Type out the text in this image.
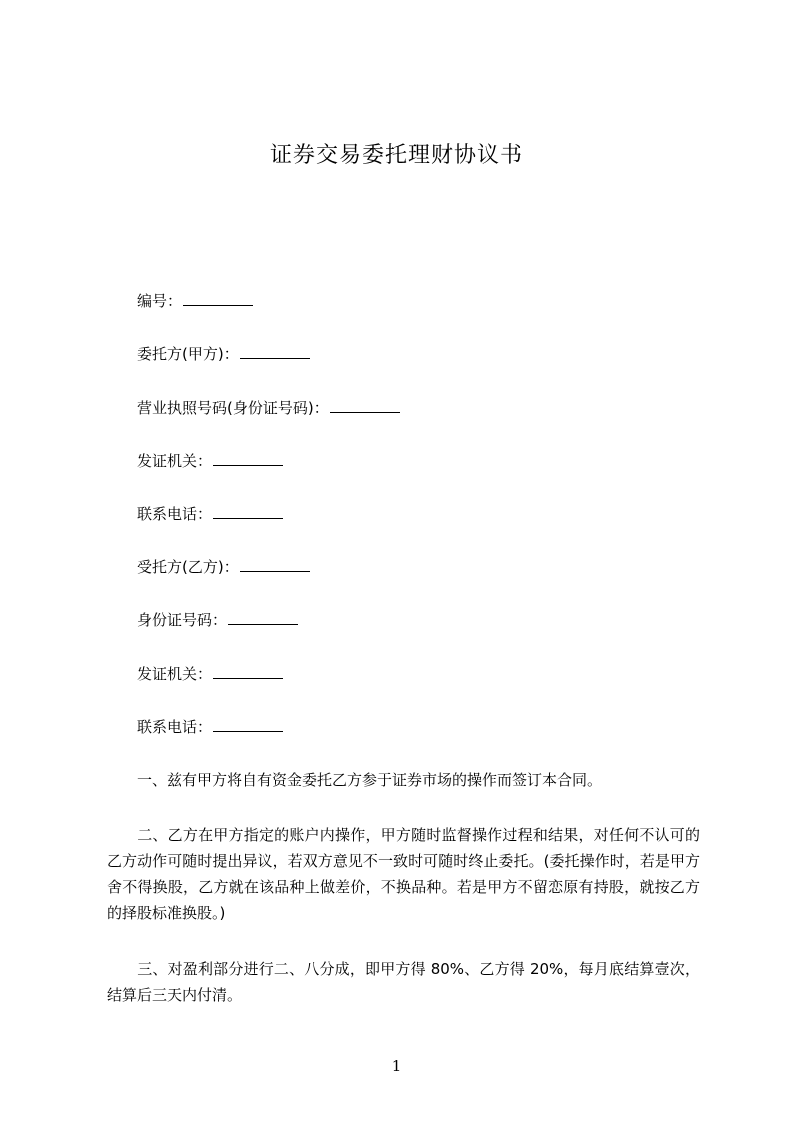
证券交易委托理财协议书
编号：
委托方(甲方)：
营业执照号码(身份证号码)：
发证机关：
联系电话：
受托方(乙方)：
身份证号码：
发证机关：
联系电话：
一、兹有甲方将自有资金委托乙方参于证券市场的操作而签订本合同。
二、乙方在甲方指定的账户内操作，甲方随时监督操作过程和结果，对任何不认可的乙方动作可随时提出异议，若双方意见不一致时可随时终止委托。(委托操作时，若是甲方舍不得换股，乙方就在该品种上做差价，不换品种。若是甲方不留恋原有持股，就按乙方的择股标准换股。)
三、对盈利部分进行二、八分成，即甲方得 80%、乙方得 20%，每月底结算壹次，结算后三天内付清。
1
